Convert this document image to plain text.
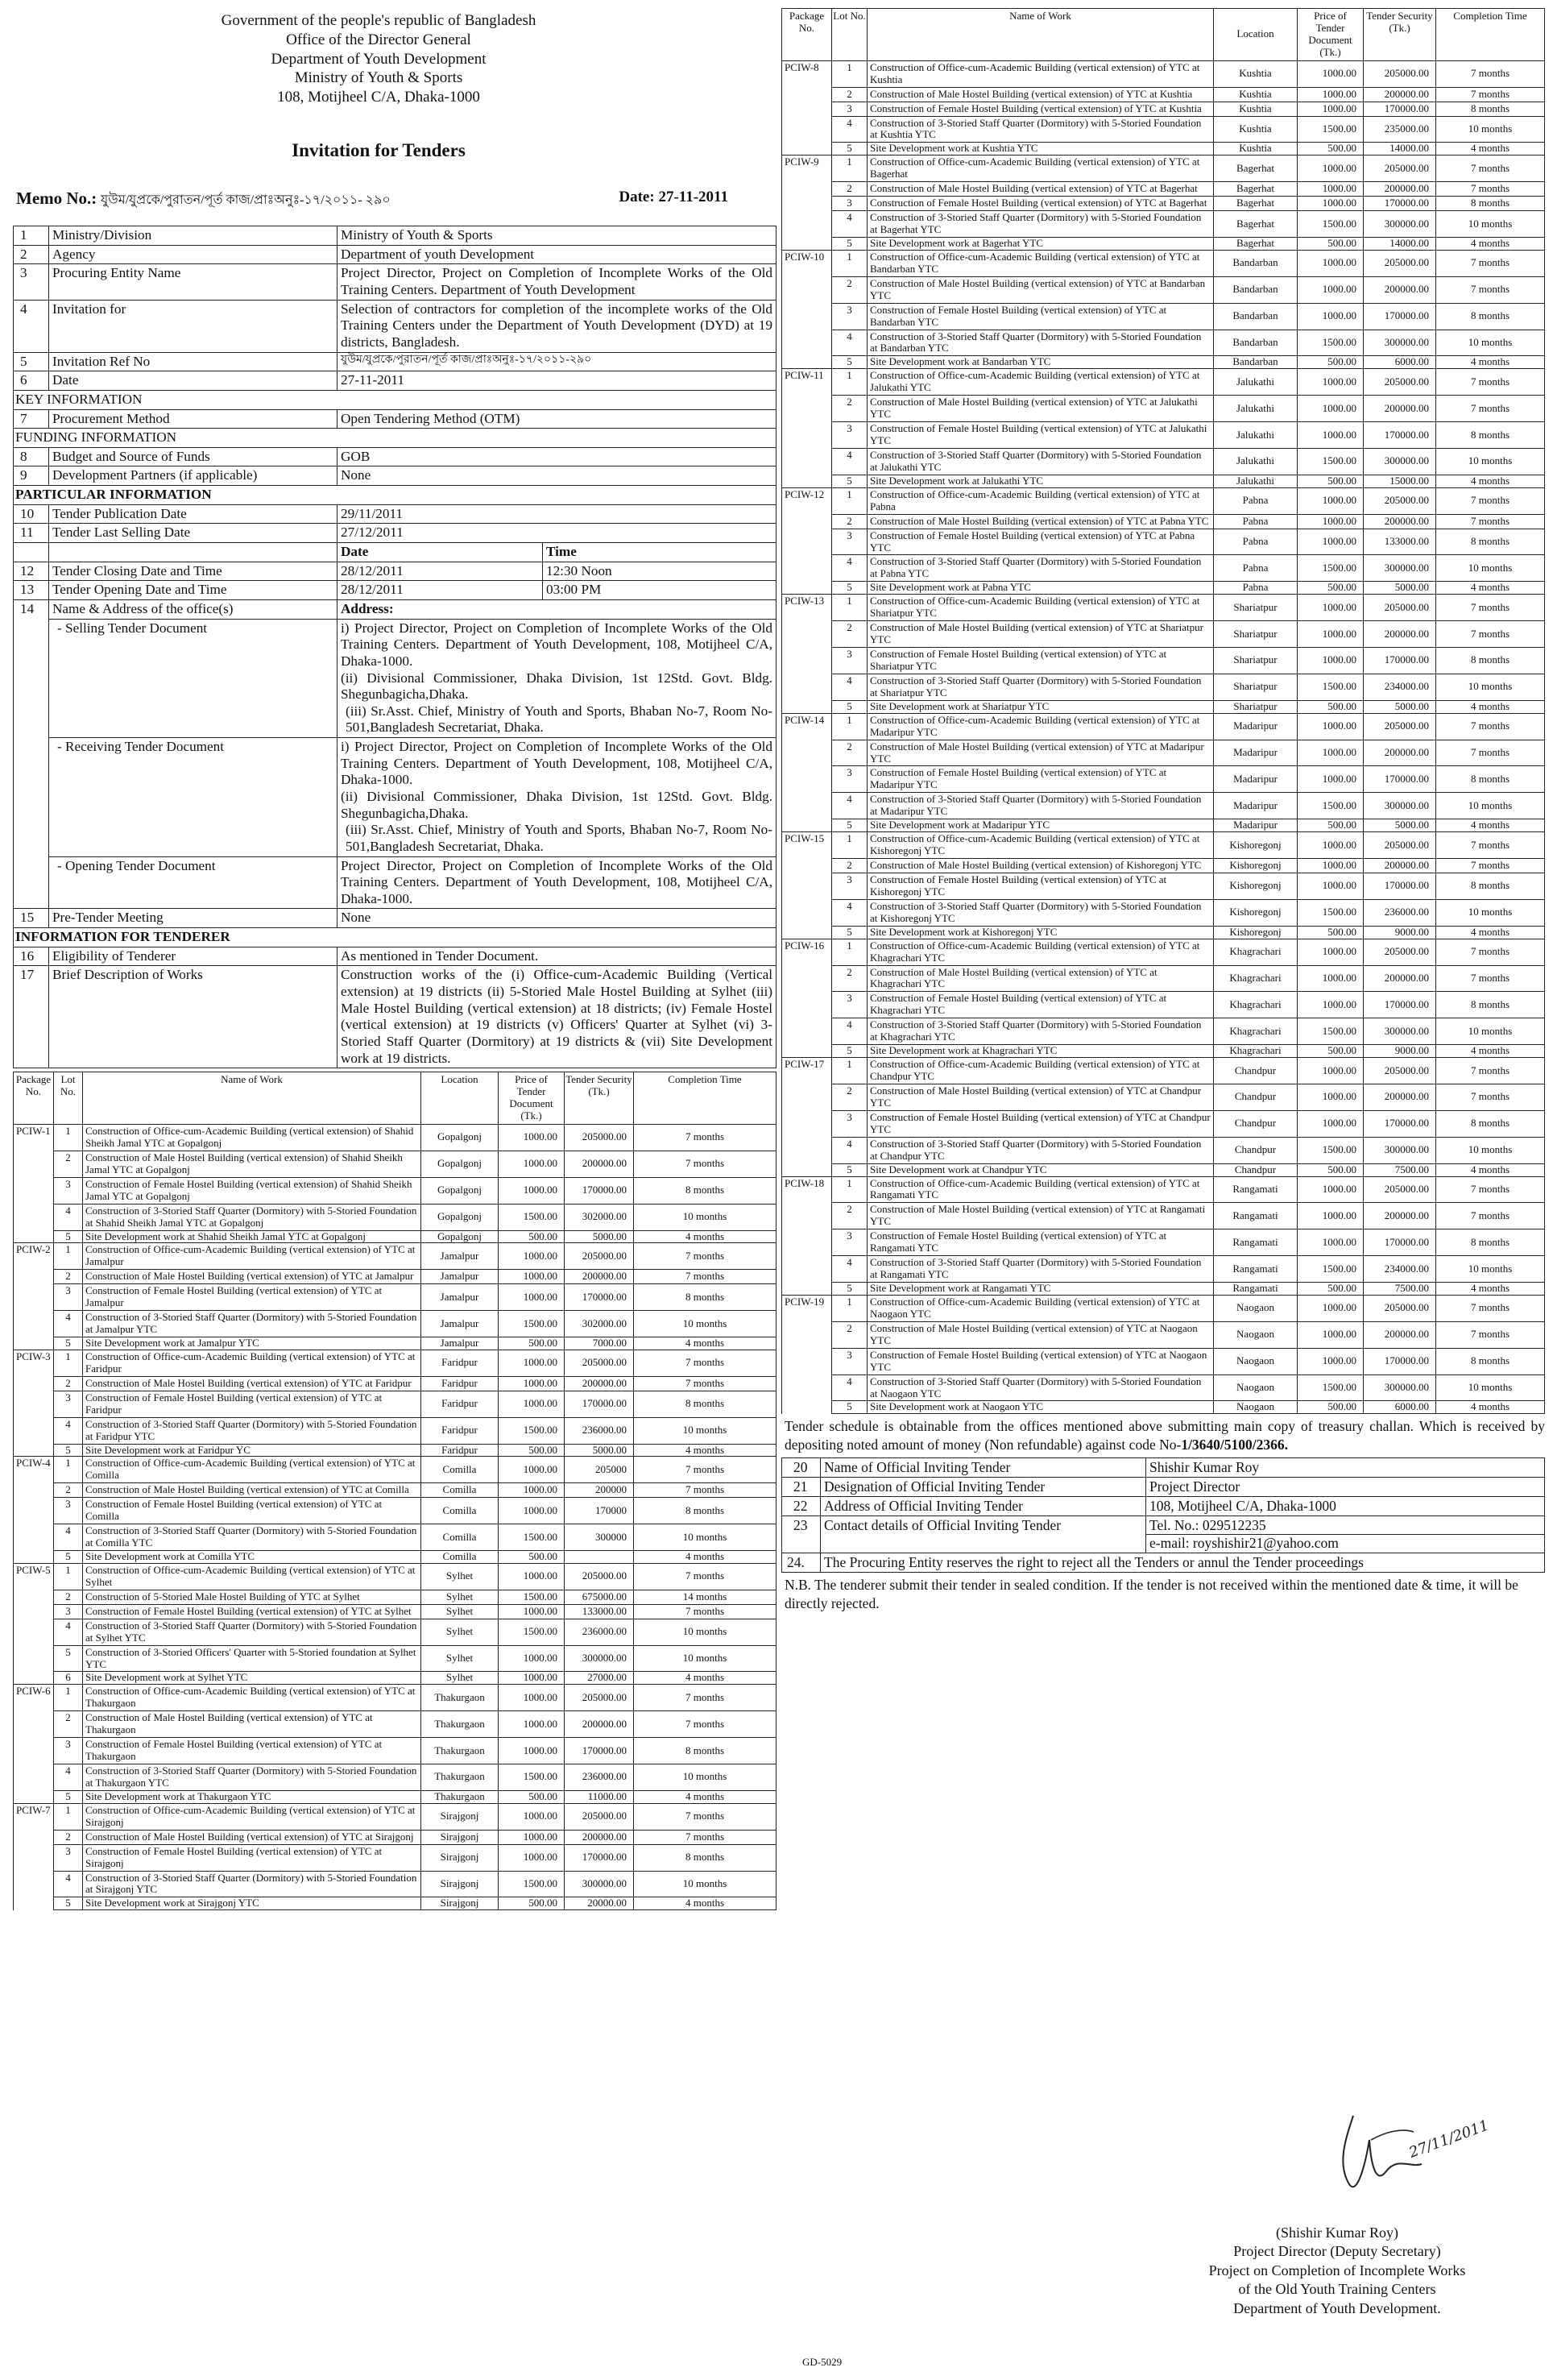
Government of the people's republic of Bangladesh
Office of the Director General
Department of Youth Development
Ministry of Youth & Sports
108, Motijheel C/A, Dhaka-1000
Invitation for Tenders
Memo No.: যুউম/যুপ্রকে/পুরাতন/পূর্ত কাজ/প্রাঃঅনুঃ-১৭/২০১১- ২৯০	Date: 27-11-2011
1	Ministry/Division	Ministry of Youth & Sports	
2	Agency	Department of youth Development	
3	Procuring Entity Name	Project Director, Project on Completion of Incomplete Works of the Old Training Centers. Department of Youth Development	
4	Invitation for	Selection of contractors for completion of the incomplete works of the Old Training Centers under the Department of Youth Development (DYD) at 19 districts, Bangladesh.	
5	Invitation Ref No	যুউম/যুপ্রকে/পুরাতন/পূর্ত কাজ/প্রাঃঅনুঃ-১৭/২০১১-২৯০	
6	Date	27-11-2011	
KEY INFORMATION			
7	Procurement Method	Open Tendering Method (OTM)	
FUNDING INFORMATION			
8	Budget and Source of Funds	GOB	
9	Development Partners (if applicable)	None	
PARTICULAR INFORMATION			
10	Tender Publication Date	29/11/2011	
11	Tender Last Selling Date	27/12/2011	
		Date	Time
12	Tender Closing Date and Time	28/12/2011	12:30 Noon
13	Tender Opening Date and Time	28/12/2011	03:00 PM
14	Name & Address of the office(s)	Address:	
	- Selling Tender Document	i) Project Director, Project on Completion of Incomplete Works of the Old Training Centers. Department of Youth Development, 108, Motijheel C/A, Dhaka-1000.
(ii) Divisional Commissioner, Dhaka Division, 1st 12Std. Govt. Bldg. Shegunbagicha,Dhaka.
(iii) Sr.Asst. Chief, Ministry of Youth and Sports, Bhaban No-7, Room No-501,Bangladesh Secretariat, Dhaka.	

	- Receiving Tender Document	i) Project Director, Project on Completion of Incomplete Works of the Old Training Centers. Department of Youth Development, 108, Motijheel C/A, Dhaka-1000.
(ii) Divisional Commissioner, Dhaka Division, 1st 12Std. Govt. Bldg. Shegunbagicha,Dhaka.
(iii) Sr.Asst. Chief, Ministry of Youth and Sports, Bhaban No-7, Room No-501,Bangladesh Secretariat, Dhaka.	

	- Opening Tender Document	Project Director, Project on Completion of Incomplete Works of the Old Training Centers. Department of Youth Development, 108, Motijheel C/A, Dhaka-1000.	
15	Pre-Tender Meeting	None	
INFORMATION FOR TENDERER			
16	Eligibility of Tenderer	As mentioned in Tender Document.	
17	Brief Description of Works	Construction works of the (i) Office-cum-Academic Building (Vertical extension) at 19 districts (ii) 5-Storied Male Hostel Building at Sylhet (iii) Male Hostel Building (vertical extension) at 18 districts; (iv) Female Hostel (vertical extension) at 19 districts (v) Officers' Quarter at Sylhet (vi) 3-Storied Staff Quarter (Dormitory) at 19 districts & (vii) Site Development work at 19 districts.	
Package No.	Lot No.	Name of Work	Location	Price of Tender Document (Tk.)	Tender Security (Tk.)	Completion Time
PCIW-1	1	Construction of Office-cum-Academic Building (vertical extension) of Shahid Sheikh Jamal YTC at Gopalgonj	Gopalgonj	1000.00	205000.00	7 months
	2	Construction of Male Hostel Building (vertical extension) of Shahid Sheikh Jamal YTC at Gopalgonj	Gopalgonj	1000.00	200000.00	7 months
	3	Construction of Female Hostel Building (vertical extension) of Shahid Sheikh Jamal YTC at Gopalgonj	Gopalgonj	1000.00	170000.00	8 months
	4	Construction of 3-Storied Staff Quarter (Dormitory) with 5-Storied Foundation at Shahid Sheikh Jamal YTC at Gopalgonj	Gopalgonj	1500.00	302000.00	10 months
	5	Site Development work at Shahid Sheikh Jamal YTC at Gopalgonj	Gopalgonj	500.00	5000.00	4 months
PCIW-2	1	Construction of Office-cum-Academic Building (vertical extension) of YTC at Jamalpur	Jamalpur	1000.00	205000.00	7 months
	2	Construction of Male Hostel Building (vertical extension) of YTC at Jamalpur	Jamalpur	1000.00	200000.00	7 months
	3	Construction of Female Hostel Building (vertical extension) of YTC at Jamalpur	Jamalpur	1000.00	170000.00	8 months
	4	Construction of 3-Storied Staff Quarter (Dormitory) with 5-Storied Foundation at Jamalpur YTC	Jamalpur	1500.00	302000.00	10 months
	5	Site Development work at Jamalpur YTC	Jamalpur	500.00	7000.00	4 months
PCIW-3	1	Construction of Office-cum-Academic Building (vertical extension) of YTC at Faridpur	Faridpur	1000.00	205000.00	7 months
	2	Construction of Male Hostel Building (vertical extension) of YTC at Faridpur	Faridpur	1000.00	200000.00	7 months
	3	Construction of Female Hostel Building (vertical extension) of YTC at Faridpur	Faridpur	1000.00	170000.00	8 months
	4	Construction of 3-Storied Staff Quarter (Dormitory) with 5-Storied Foundation at Faridpur YTC	Faridpur	1500.00	236000.00	10 months
	5	Site Development work at Faridpur YC	Faridpur	500.00	5000.00	4 months
PCIW-4	1	Construction of Office-cum-Academic Building (vertical extension) of YTC at Comilla	Comilla	1000.00	205000	7 months
	2	Construction of Male Hostel Building (vertical extension) of YTC at Comilla	Comilla	1000.00	200000	7 months
	3	Construction of Female Hostel Building (vertical extension) of YTC at Comilla	Comilla	1000.00	170000	8 months
	4	Construction of 3-Storied Staff Quarter (Dormitory) with 5-Storied Foundation at Comilla YTC	Comilla	1500.00	300000	10 months
	5	Site Development work at Comilla YTC	Comilla	500.00		4 months
PCIW-5	1	Construction of Office-cum-Academic Building (vertical extension) of YTC at Sylhet	Sylhet	1000.00	205000.00	7 months
	2	Construction of 5-Storied Male Hostel Building of YTC at Sylhet	Sylhet	1500.00	675000.00	14 months
	3	Construction of Female Hostel Building (vertical extension) of YTC at Sylhet	Sylhet	1000.00	133000.00	7 months
	4	Construction of 3-Storied Staff Quarter (Dormitory) with 5-Storied Foundation at Sylhet YTC	Sylhet	1500.00	236000.00	10 months
	5	Construction of 3-Storied Officers' Quarter with 5-Storied foundation at Sylhet YTC	Sylhet	1000.00	300000.00	10 months
	6	Site Development work at Sylhet YTC	Sylhet	1000.00	27000.00	4 months
PCIW-6	1	Construction of Office-cum-Academic Building (vertical extension) of YTC at Thakurgaon	Thakurgaon	1000.00	205000.00	7 months
	2	Construction of Male Hostel Building (vertical extension) of YTC at Thakurgaon	Thakurgaon	1000.00	200000.00	7 months
	3	Construction of Female Hostel Building (vertical extension) of YTC at Thakurgaon	Thakurgaon	1000.00	170000.00	8 months
	4	Construction of 3-Storied Staff Quarter (Dormitory) with 5-Storied Foundation at Thakurgaon YTC	Thakurgaon	1500.00	236000.00	10 months
	5	Site Development work at Thakurgaon YTC	Thakurgaon	500.00	11000.00	4 months
PCIW-7	1	Construction of Office-cum-Academic Building (vertical extension) of YTC at Sirajgonj	Sirajgonj	1000.00	205000.00	7 months
	2	Construction of Male Hostel Building (vertical extension) of YTC at Sirajgonj	Sirajgonj	1000.00	200000.00	7 months
	3	Construction of Female Hostel Building (vertical extension) of YTC at Sirajgonj	Sirajgonj	1000.00	170000.00	8 months
	4	Construction of 3-Storied Staff Quarter (Dormitory) with 5-Storied Foundation at Sirajgonj YTC	Sirajgonj	1500.00	300000.00	10 months
	5	Site Development work at Sirajgonj YTC	Sirajgonj	500.00	20000.00	4 months
Package No.	Lot No.	Name of Work	Location	Price of Tender Document (Tk.)	Tender Security (Tk.)	Completion Time
PCIW-8	1	Construction of Office-cum-Academic Building (vertical extension) of YTC at Kushtia	Kushtia	1000.00	205000.00	7 months
	2	Construction of Male Hostel Building (vertical extension) of YTC at Kushtia	Kushtia	1000.00	200000.00	7 months
	3	Construction of Female Hostel Building (vertical extension) of YTC at Kushtia	Kushtia	1000.00	170000.00	8 months
	4	Construction of 3-Storied Staff Quarter (Dormitory) with 5-Storied Foundation at Kushtia YTC	Kushtia	1500.00	235000.00	10 months
	5	Site Development work at Kushtia YTC	Kushtia	500.00	14000.00	4 months
PCIW-9	1	Construction of Office-cum-Academic Building (vertical extension) of YTC at Bagerhat	Bagerhat	1000.00	205000.00	7 months
	2	Construction of Male Hostel Building (vertical extension) of YTC at Bagerhat	Bagerhat	1000.00	200000.00	7 months
	3	Construction of Female Hostel Building (vertical extension) of YTC at Bagerhat	Bagerhat	1000.00	170000.00	8 months
	4	Construction of 3-Storied Staff Quarter (Dormitory) with 5-Storied Foundation at Bagerhat YTC	Bagerhat	1500.00	300000.00	10 months
	5	Site Development work at Bagerhat YTC	Bagerhat	500.00	14000.00	4 months
PCIW-10	1	Construction of Office-cum-Academic Building (vertical extension) of YTC at Bandarban YTC	Bandarban	1000.00	205000.00	7 months
	2	Construction of Male Hostel Building (vertical extension) of YTC at Bandarban YTC	Bandarban	1000.00	200000.00	7 months
	3	Construction of Female Hostel Building (vertical extension) of YTC at Bandarban YTC	Bandarban	1000.00	170000.00	8 months
	4	Construction of 3-Storied Staff Quarter (Dormitory) with 5-Storied Foundation at Bandarban YTC	Bandarban	1500.00	300000.00	10 months
	5	Site Development work at Bandarban YTC	Bandarban	500.00	6000.00	4 months
PCIW-11	1	Construction of Office-cum-Academic Building (vertical extension) of YTC at Jalukathi YTC	Jalukathi	1000.00	205000.00	7 months
	2	Construction of Male Hostel Building (vertical extension) of YTC at Jalukathi YTC	Jalukathi	1000.00	200000.00	7 months
	3	Construction of Female Hostel Building (vertical extension) of YTC at Jalukathi YTC	Jalukathi	1000.00	170000.00	8 months
	4	Construction of 3-Storied Staff Quarter (Dormitory) with 5-Storied Foundation at Jalukathi YTC	Jalukathi	1500.00	300000.00	10 months
	5	Site Development work at Jalukathi YTC	Jalukathi	500.00	15000.00	4 months
PCIW-12	1	Construction of Office-cum-Academic Building (vertical extension) of YTC at Pabna	Pabna	1000.00	205000.00	7 months
	2	Construction of Male Hostel Building (vertical extension) of YTC at Pabna YTC	Pabna	1000.00	200000.00	7 months
	3	Construction of Female Hostel Building (vertical extension) of YTC at Pabna YTC	Pabna	1000.00	133000.00	8 months
	4	Construction of 3-Storied Staff Quarter (Dormitory) with 5-Storied Foundation at Pabna YTC	Pabna	1500.00	300000.00	10 months
	5	Site Development work at Pabna YTC	Pabna	500.00	5000.00	4 months
PCIW-13	1	Construction of Office-cum-Academic Building (vertical extension) of YTC at Shariatpur YTC	Shariatpur	1000.00	205000.00	7 months
	2	Construction of Male Hostel Building (vertical extension) of YTC at Shariatpur YTC	Shariatpur	1000.00	200000.00	7 months
	3	Construction of Female Hostel Building (vertical extension) of YTC at Shariatpur YTC	Shariatpur	1000.00	170000.00	8 months
	4	Construction of 3-Storied Staff Quarter (Dormitory) with 5-Storied Foundation at Shariatpur YTC	Shariatpur	1500.00	234000.00	10 months
	5	Site Development work at Shariatpur YTC	Shariatpur	500.00	5000.00	4 months
PCIW-14	1	Construction of Office-cum-Academic Building (vertical extension) of YTC at Madaripur YTC	Madaripur	1000.00	205000.00	7 months
	2	Construction of Male Hostel Building (vertical extension) of YTC at Madaripur YTC	Madaripur	1000.00	200000.00	7 months
	3	Construction of Female Hostel Building (vertical extension) of YTC at Madaripur YTC	Madaripur	1000.00	170000.00	8 months
	4	Construction of 3-Storied Staff Quarter (Dormitory) with 5-Storied Foundation at Madaripur YTC	Madaripur	1500.00	300000.00	10 months
	5	Site Development work at Madaripur YTC	Madaripur	500.00	5000.00	4 months
PCIW-15	1	Construction of Office-cum-Academic Building (vertical extension) of YTC at Kishoregonj YTC	Kishoregonj	1000.00	205000.00	7 months
	2	Construction of Male Hostel Building (vertical extension) of Kishoregonj YTC	Kishoregonj	1000.00	200000.00	7 months
	3	Construction of Female Hostel Building (vertical extension) of YTC at Kishoregonj YTC	Kishoregonj	1000.00	170000.00	8 months
	4	Construction of 3-Storied Staff Quarter (Dormitory) with 5-Storied Foundation at Kishoregonj YTC	Kishoregonj	1500.00	236000.00	10 months
	5	Site Development work at Kishoregonj YTC	Kishoregonj	500.00	9000.00	4 months
PCIW-16	1	Construction of Office-cum-Academic Building (vertical extension) of YTC at Khagrachari YTC	Khagrachari	1000.00	205000.00	7 months
	2	Construction of Male Hostel Building (vertical extension) of YTC at Khagrachari YTC	Khagrachari	1000.00	200000.00	7 months
	3	Construction of Female Hostel Building (vertical extension) of YTC at Khagrachari YTC	Khagrachari	1000.00	170000.00	8 months
	4	Construction of 3-Storied Staff Quarter (Dormitory) with 5-Storied Foundation at Khagrachari YTC	Khagrachari	1500.00	300000.00	10 months
	5	Site Development work at Khagrachari YTC	Khagrachari	500.00	9000.00	4 months
PCIW-17	1	Construction of Office-cum-Academic Building (vertical extension) of YTC at Chandpur YTC	Chandpur	1000.00	205000.00	7 months
	2	Construction of Male Hostel Building (vertical extension) of YTC at Chandpur YTC	Chandpur	1000.00	200000.00	7 months
	3	Construction of Female Hostel Building (vertical extension) of YTC at Chandpur YTC	Chandpur	1000.00	170000.00	8 months
	4	Construction of 3-Storied Staff Quarter (Dormitory) with 5-Storied Foundation at Chandpur YTC	Chandpur	1500.00	300000.00	10 months
	5	Site Development work at Chandpur YTC	Chandpur	500.00	7500.00	4 months
PCIW-18	1	Construction of Office-cum-Academic Building (vertical extension) of YTC at Rangamati YTC	Rangamati	1000.00	205000.00	7 months
	2	Construction of Male Hostel Building (vertical extension) of YTC at Rangamati YTC	Rangamati	1000.00	200000.00	7 months
	3	Construction of Female Hostel Building (vertical extension) of YTC at Rangamati YTC	Rangamati	1000.00	170000.00	8 months
	4	Construction of 3-Storied Staff Quarter (Dormitory) with 5-Storied Foundation at Rangamati YTC	Rangamati	1500.00	234000.00	10 months
	5	Site Development work at Rangamati YTC	Rangamati	500.00	7500.00	4 months
PCIW-19	1	Construction of Office-cum-Academic Building (vertical extension) of YTC at Naogaon YTC	Naogaon	1000.00	205000.00	7 months
	2	Construction of Male Hostel Building (vertical extension) of YTC at Naogaon YTC	Naogaon	1000.00	200000.00	7 months
	3	Construction of Female Hostel Building (vertical extension) of YTC at Naogaon YTC	Naogaon	1000.00	170000.00	8 months
	4	Construction of 3-Storied Staff Quarter (Dormitory) with 5-Storied Foundation at Naogaon YTC	Naogaon	1500.00	300000.00	10 months
	5	Site Development work at Naogaon YTC	Naogaon	500.00	6000.00	4 months
Tender schedule is obtainable from the offices mentioned above submitting main copy of treasury challan. Which is received by depositing noted amount of money (Non refundable) against code No-1/3640/5100/2366.
20	Name of Official Inviting Tender	Shishir Kumar Roy
21	Designation of Official Inviting Tender	Project Director
22	Address of Official Inviting Tender	108, Motijheel C/A, Dhaka-1000
23	Contact details of Official Inviting Tender	Tel. No.: 029512235
e-mail: royshishir21@yahoo.com

24.	The Procuring Entity reserves the right to reject all the Tenders or annul the Tender proceedings	
N.B. The tenderer submit their tender in sealed condition. If the tender is not received within the mentioned date & time, it will be directly rejected.
27/11/2011
(Shishir Kumar Roy)
Project Director (Deputy Secretary)
Project on Completion of Incomplete Works
of the Old Youth Training Centers
Department of Youth Development.
GD-5029
